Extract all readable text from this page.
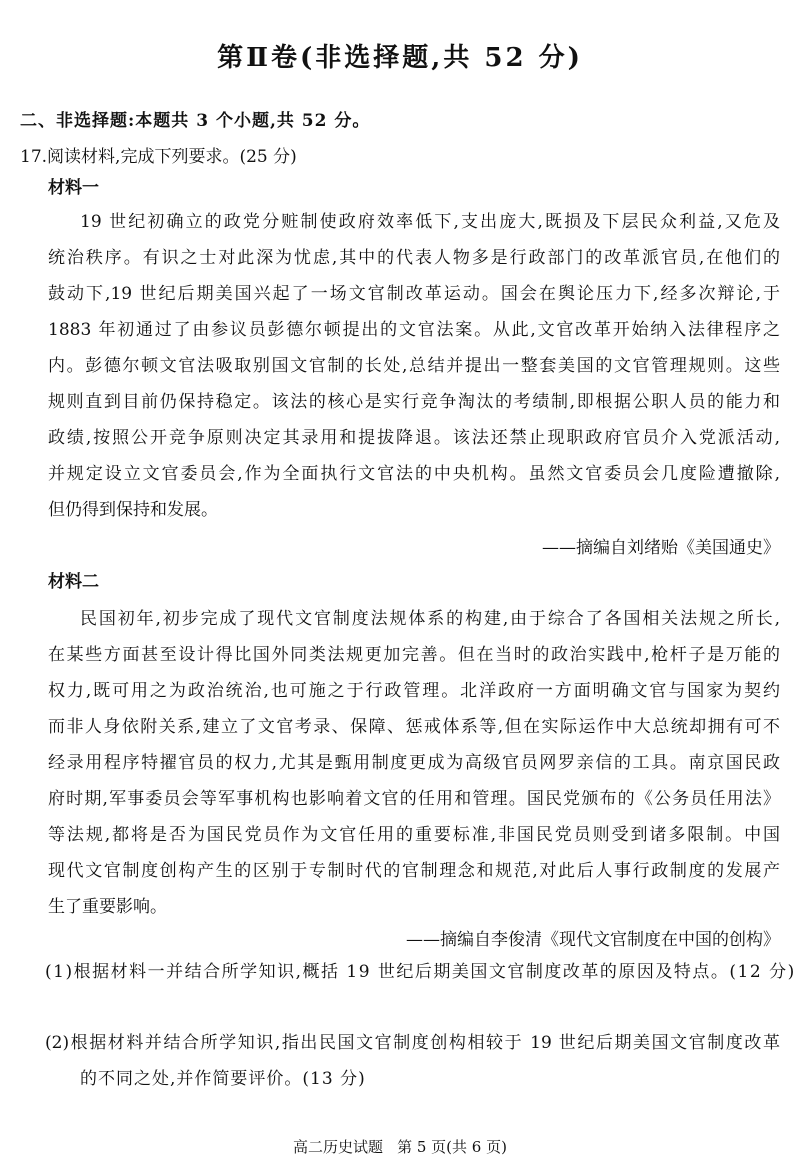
第Ⅱ卷(非选择题,共 52 分)
二、非选择题:本题共 3 个小题,共 52 分。
17.阅读材料,完成下列要求。(25 分)
材料一
19 世纪初确立的政党分赃制使政府效率低下,支出庞大,既损及下层民众利益,又危及
统治秩序。有识之士对此深为忧虑,其中的代表人物多是行政部门的改革派官员,在他们的
鼓动下,19 世纪后期美国兴起了一场文官制改革运动。国会在舆论压力下,经多次辩论,于
1883 年初通过了由参议员彭德尔顿提出的文官法案。从此,文官改革开始纳入法律程序之
内。彭德尔顿文官法吸取别国文官制的长处,总结并提出一整套美国的文官管理规则。这些
规则直到目前仍保持稳定。该法的核心是实行竞争淘汰的考绩制,即根据公职人员的能力和
政绩,按照公开竞争原则决定其录用和提拔降退。该法还禁止现职政府官员介入党派活动,
并规定设立文官委员会,作为全面执行文官法的中央机构。虽然文官委员会几度险遭撤除,
但仍得到保持和发展。
——摘编自刘绪贻《美国通史》
材料二
民国初年,初步完成了现代文官制度法规体系的构建,由于综合了各国相关法规之所长,
在某些方面甚至设计得比国外同类法规更加完善。但在当时的政治实践中,枪杆子是万能的
权力,既可用之为政治统治,也可施之于行政管理。北洋政府一方面明确文官与国家为契约
而非人身依附关系,建立了文官考录、保障、惩戒体系等,但在实际运作中大总统却拥有可不
经录用程序特擢官员的权力,尤其是甄用制度更成为高级官员网罗亲信的工具。南京国民政
府时期,军事委员会等军事机构也影响着文官的任用和管理。国民党颁布的《公务员任用法》
等法规,都将是否为国民党员作为文官任用的重要标准,非国民党员则受到诸多限制。中国
现代文官制度创构产生的区别于专制时代的官制理念和规范,对此后人事行政制度的发展产
生了重要影响。
——摘编自李俊清《现代文官制度在中国的创构》
(1)根据材料一并结合所学知识,概括 19 世纪后期美国文官制度改革的原因及特点。(12 分)
(2)根据材料并结合所学知识,指出民国文官制度创构相较于 19 世纪后期美国文官制度改革
的不同之处,并作简要评价。(13 分)
高二历史试题 第 5 页(共 6 页)
